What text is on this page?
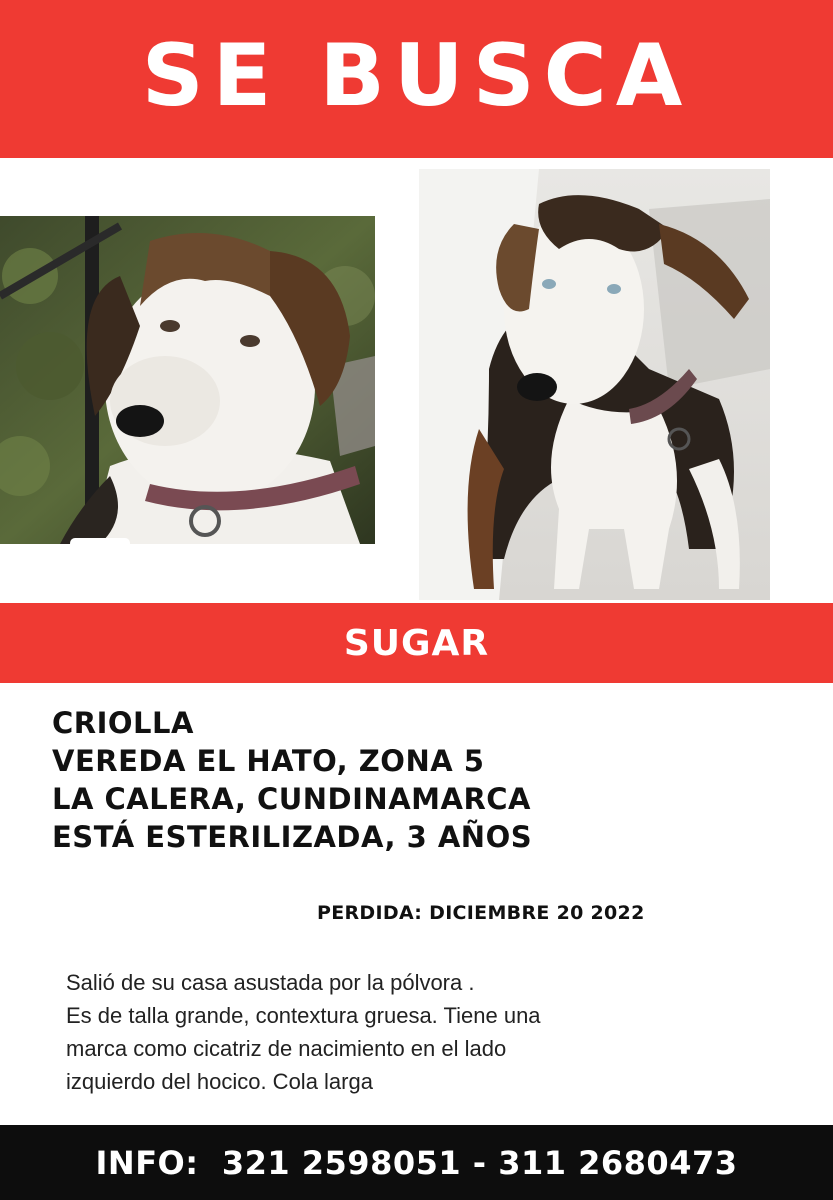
SE BUSCA
SUGAR
CRIOLLA
VEREDA EL HATO, ZONA 5
LA CALERA, CUNDINAMARCA
ESTÁ ESTERILIZADA, 3 AÑOS
PERDIDA: DICIEMBRE 20 2022
Salió de su casa asustada por la pólvora .
Es de talla grande, contextura gruesa. Tiene una
marca como cicatriz de nacimiento en el lado
izquierdo del hocico. Cola larga
INFO:  321 2598051 - 311 2680473
